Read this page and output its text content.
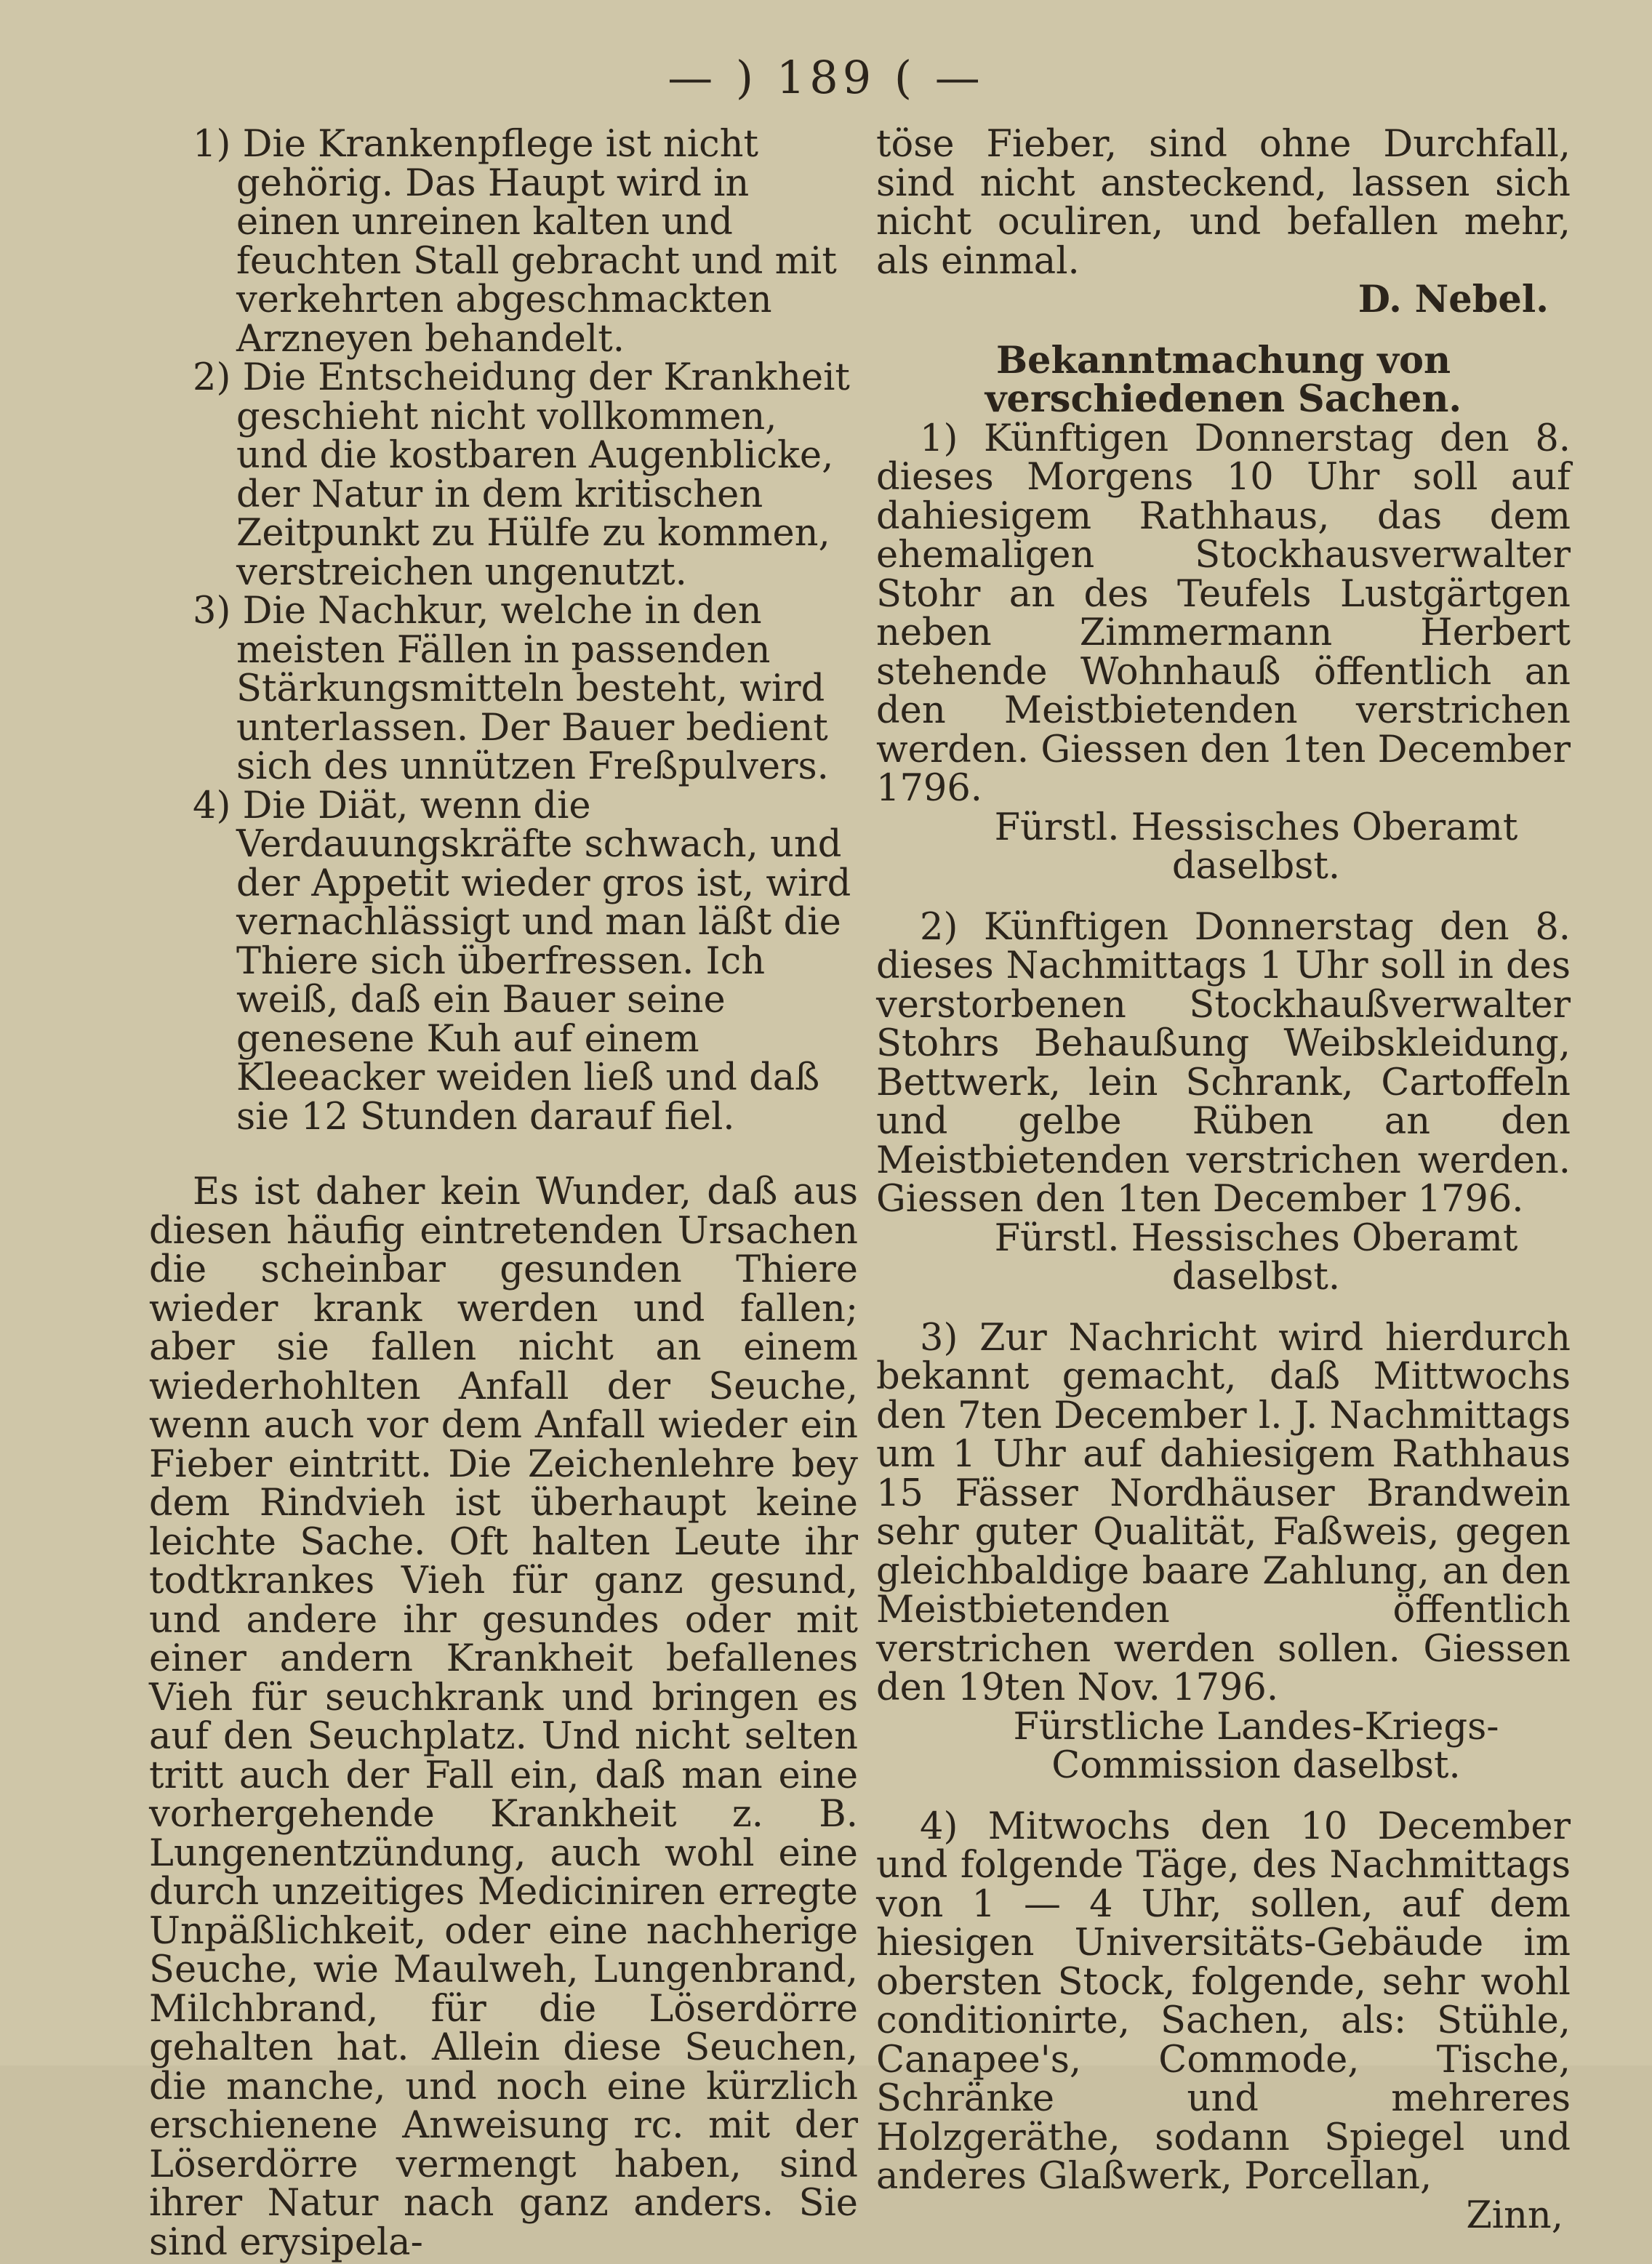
— ) 189 ( —
1) Die Krankenpflege ist nicht gehörig. Das Haupt wird in einen unreinen kalten und feuchten Stall gebracht und mit verkehrten abgeschmackten Arzneyen behandelt.
2) Die Entscheidung der Krankheit geschieht nicht vollkommen, und die kostbaren Augenblicke, der Natur in dem kritischen Zeitpunkt zu Hülfe zu kommen, verstreichen ungenutzt.
3) Die Nachkur, welche in den meisten Fällen in passenden Stärkungsmitteln besteht, wird unterlassen. Der Bauer bedient sich des unnützen Freßpulvers.
4) Die Diät, wenn die Verdauungskräfte schwach, und der Appetit wieder gros ist, wird vernachlässigt und man läßt die Thiere sich überfressen. Ich weiß, daß ein Bauer seine genesene Kuh auf einem Kleeacker weiden ließ und daß sie 12 Stunden darauf fiel.

Es ist daher kein Wunder, daß aus diesen häufig eintretenden Ursachen die scheinbar gesunden Thiere wieder krank werden und fallen; aber sie fallen nicht an einem wiederhohlten Anfall der Seuche, wenn auch vor dem Anfall wieder ein Fieber eintritt. Die Zeichenlehre bey dem Rindvieh ist überhaupt keine leichte Sache. Oft halten Leute ihr todtkrankes Vieh für ganz gesund, und andere ihr gesundes oder mit einer andern Krankheit befallenes Vieh für seuchkrank und bringen es auf den Seuchplatz. Und nicht selten tritt auch der Fall ein, daß man eine vorhergehende Krankheit z. B. Lungenentzündung, auch wohl eine durch unzeitiges Mediciniren erregte Unpäßlichkeit, oder eine nachherige Seuche, wie Maulweh, Lungenbrand, Milchbrand, für die Löserdörre gehalten hat. Allein diese Seuchen, die manche, und noch eine kürzlich erschienene Anweisung rc. mit der Löserdörre vermengt haben, sind ihrer Natur nach ganz anders. Sie sind erysipela-

töse Fieber, sind ohne Durchfall, sind nicht ansteckend, lassen sich nicht oculiren, und befallen mehr, als einmal.

D. Nebel.

Bekanntmachung von verschiedenen Sachen.

1) Künftigen Donnerstag den 8. dieses Morgens 10 Uhr soll auf dahiesigem Rathhaus, das dem ehemaligen Stockhausverwalter Stohr an des Teufels Lustgärtgen neben Zimmermann Herbert stehende Wohnhauß öffentlich an den Meistbietenden verstrichen werden. Giessen den 1ten December 1796.

Fürstl. Hessisches Oberamt daselbst.

2) Künftigen Donnerstag den 8. dieses Nachmittags 1 Uhr soll in des verstorbenen Stockhaußverwalter Stohrs Behaußung Weibskleidung, Bettwerk, lein Schrank, Cartoffeln und gelbe Rüben an den Meistbietenden verstrichen werden. Giessen den 1ten December 1796.

Fürstl. Hessisches Oberamt daselbst.

3) Zur Nachricht wird hierdurch bekannt gemacht, daß Mittwochs den 7ten December l. J. Nachmittags um 1 Uhr auf dahiesigem Rathhaus 15 Fässer Nordhäuser Brandwein sehr guter Qualität, Faßweis, gegen gleichbaldige baare Zahlung, an den Meistbietenden öffentlich verstrichen werden sollen. Giessen den 19ten Nov. 1796.

Fürstliche Landes-Kriegs-Commission daselbst.

4) Mitwochs den 10 December und folgende Täge, des Nachmittags von 1 — 4 Uhr, sollen, auf dem hiesigen Universitäts-Gebäude im obersten Stock, folgende, sehr wohl conditionirte, Sachen, als: Stühle, Canapee's, Commode, Tische, Schränke und mehreres Holzgeräthe, sodann Spiegel und anderes Glaßwerk, Porcellan,

Zinn,
